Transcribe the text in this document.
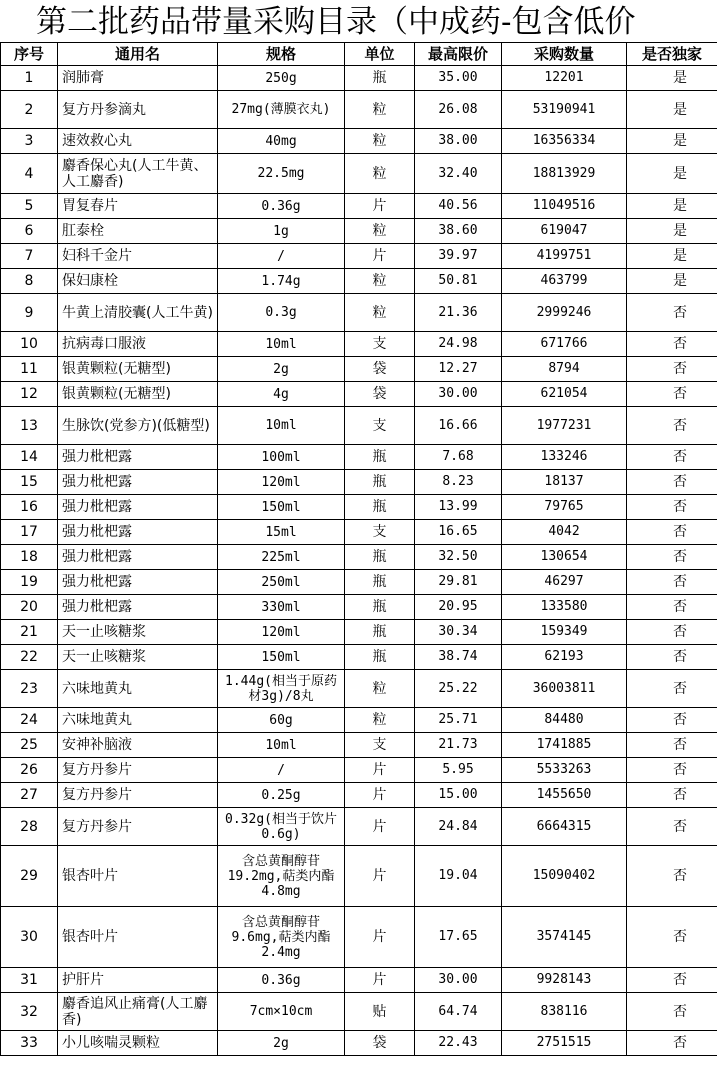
第二批药品带量采购目录（中成药-包含低价
序号	通用名	规格	单位	最高限价	采购数量	是否独家
1	润肺膏	250g	瓶	35.00	12201	是
2	复方丹参滴丸	27mg(薄膜衣丸)	粒	26.08	53190941	是
3	速效救心丸	40mg	粒	38.00	16356334	是
4	麝香保心丸(人工牛黄、人工麝香)	22.5mg	粒	32.40	18813929	是
5	胃复春片	0.36g	片	40.56	11049516	是
6	肛泰栓	1g	粒	38.60	619047	是
7	妇科千金片	/	片	39.97	4199751	是
8	保妇康栓	1.74g	粒	50.81	463799	是
9	牛黄上清胶囊(人工牛黄)	0.3g	粒	21.36	2999246	否
10	抗病毒口服液	10ml	支	24.98	671766	否
11	银黄颗粒(无糖型)	2g	袋	12.27	8794	否
12	银黄颗粒(无糖型)	4g	袋	30.00	621054	否
13	生脉饮(党参方)(低糖型)	10ml	支	16.66	1977231	否
14	强力枇杷露	100ml	瓶	7.68	133246	否
15	强力枇杷露	120ml	瓶	8.23	18137	否
16	强力枇杷露	150ml	瓶	13.99	79765	否
17	强力枇杷露	15ml	支	16.65	4042	否
18	强力枇杷露	225ml	瓶	32.50	130654	否
19	强力枇杷露	250ml	瓶	29.81	46297	否
20	强力枇杷露	330ml	瓶	20.95	133580	否
21	天一止咳糖浆	120ml	瓶	30.34	159349	否
22	天一止咳糖浆	150ml	瓶	38.74	62193	否
23	六味地黄丸	1.44g(相当于原药材3g)/8丸	粒	25.22	36003811	否
24	六味地黄丸	60g	粒	25.71	84480	否
25	安神补脑液	10ml	支	21.73	1741885	否
26	复方丹参片	/	片	5.95	5533263	否
27	复方丹参片	0.25g	片	15.00	1455650	否
28	复方丹参片	0.32g(相当于饮片0.6g)	片	24.84	6664315	否
29	银杏叶片	含总黄酮醇苷19.2mg,萜类内酯4.8mg	片	19.04	15090402	否
30	银杏叶片	含总黄酮醇苷9.6mg,萜类内酯2.4mg	片	17.65	3574145	否
31	护肝片	0.36g	片	30.00	9928143	否
32	麝香追风止痛膏(人工麝香)	7cm×10cm	贴	64.74	838116	否
33	小儿咳喘灵颗粒	2g	袋	22.43	2751515	否
